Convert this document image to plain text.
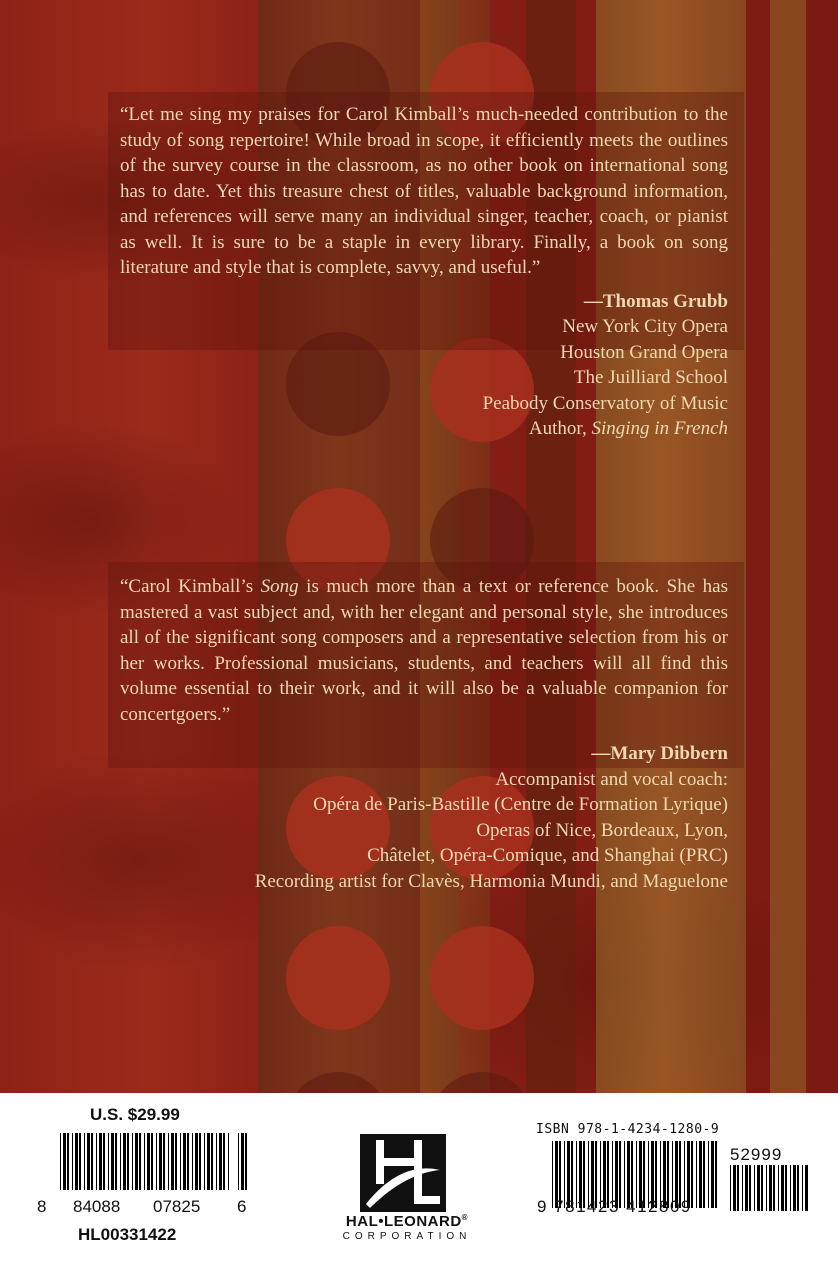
“Let me sing my praises for Carol Kimball’s much-needed contribution to the study of song repertoire! While broad in scope, it efficiently meets the outlines of the survey course in the classroom, as no other book on international song has to date. Yet this treasure chest of titles, valuable background information, and references will serve many an individual singer, teacher, coach, or pianist as well. It is sure to be a staple in every library. Finally, a book on song literature and style that is complete, savvy, and useful.”

—Thomas Grubb
New York City Opera
Houston Grand Opera
The Juilliard School
Peabody Conservatory of Music
Author, Singing in French

“Carol Kimball’s Song is much more than a text or reference book. She has mastered a vast subject and, with her elegant and personal style, she introduces all of the significant song composers and a representative selection from his or her works. Professional musicians, students, and teachers will all find this volume essential to their work, and it will also be a valuable companion for concertgoers.”

—Mary Dibbern
Accompanist and vocal coach:
Opéra de Paris-Bastille (Centre de Formation Lyrique)
Operas of Nice, Bordeaux, Lyon,
Châtelet, Opéra-Comique, and Shanghai (PRC)
Recording artist for Clavès, Harmonia Mundi, and Maguelone

U.S. $29.99
8 84088 07825 6
HL00331422
HAL•LEONARD®
CORPORATION
ISBN 978-1-4234-1280-9
9 781423 412809
52999
